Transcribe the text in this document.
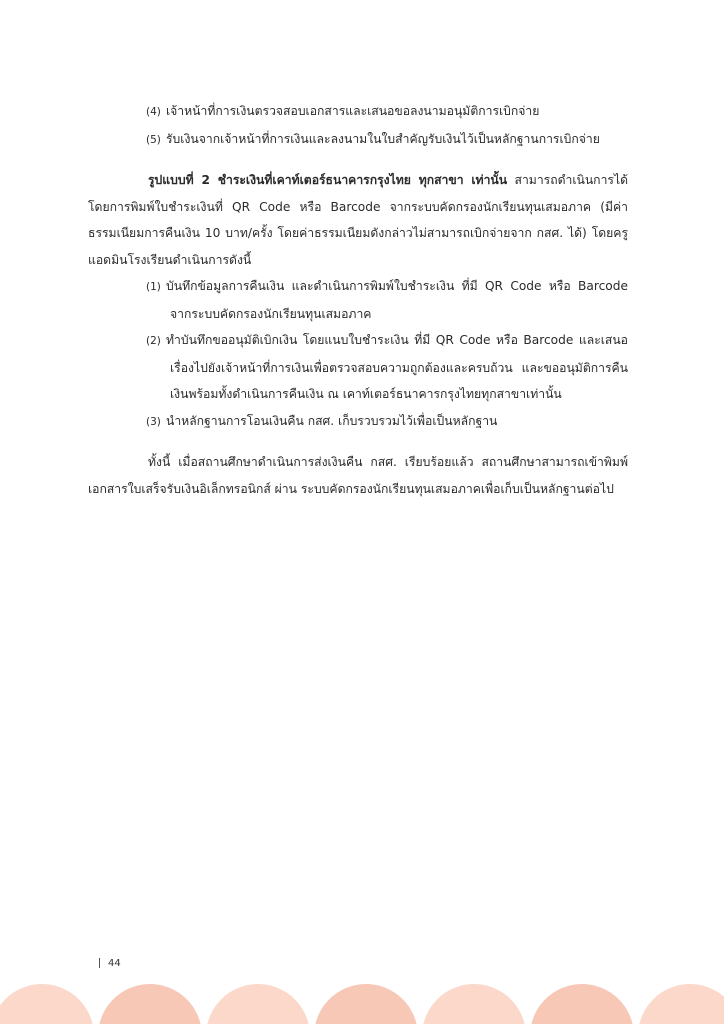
(4) เจ้าหน้าที่การเงินตรวจสอบเอกสารและเสนอขอลงนามอนุมัติการเบิกจ่าย
(5) รับเงินจากเจ้าหน้าที่การเงินและลงนามในใบสำคัญรับเงินไว้เป็นหลักฐานการเบิกจ่าย
รูปแบบที่ 2 ชำระเงินที่เคาท์เตอร์ธนาคารกรุงไทย ทุกสาขา เท่านั้น สามารถดำเนินการได้โดยการพิมพ์ใบชำระเงินที่ QR Code หรือ Barcode จากระบบคัดกรองนักเรียนทุนเสมอภาค (มีค่าธรรมเนียมการคืนเงิน 10 บาท/ครั้ง โดยค่าธรรมเนียมดังกล่าวไม่สามารถเบิกจ่ายจาก กสศ. ได้) โดยครูแอดมินโรงเรียนดำเนินการดังนี้
(1) บันทึกข้อมูลการคืนเงิน และดำเนินการพิมพ์ใบชำระเงิน ที่มี QR Code หรือ Barcode จากระบบคัดกรองนักเรียนทุนเสมอภาค
(2) ทำบันทึกขออนุมัติเบิกเงิน โดยแนบใบชำระเงิน ที่มี QR Code หรือ Barcode และเสนอเรื่องไปยังเจ้าหน้าที่การเงินเพื่อตรวจสอบความถูกต้องและครบถ้วน และขออนุมัติการคืนเงินพร้อมทั้งดำเนินการคืนเงิน ณ เคาท์เตอร์ธนาคารกรุงไทยทุกสาขาเท่านั้น
(3) นำหลักฐานการโอนเงินคืน กสศ. เก็บรวบรวมไว้เพื่อเป็นหลักฐาน
ทั้งนี้ เมื่อสถานศึกษาดำเนินการส่งเงินคืน กสศ. เรียบร้อยแล้ว สถานศึกษาสามารถเข้าพิมพ์เอกสารใบเสร็จรับเงินอิเล็กทรอนิกส์ ผ่าน ระบบคัดกรองนักเรียนทุนเสมอภาคเพื่อเก็บเป็นหลักฐานต่อไป
44
